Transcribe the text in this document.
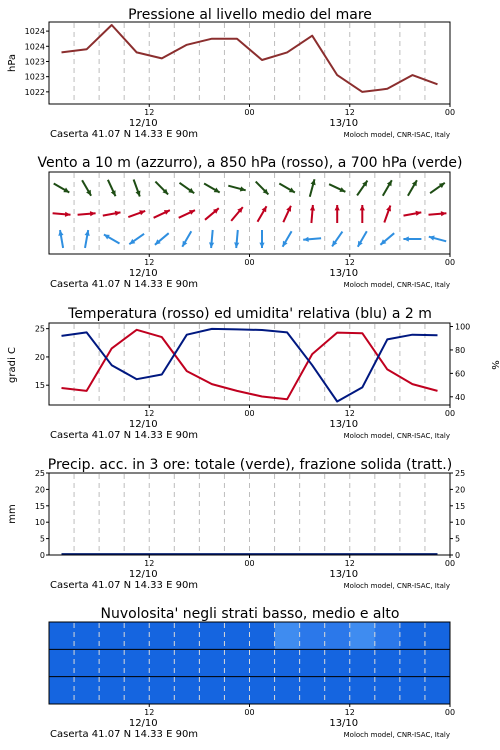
Pressione al livello medio del mare
hPa
1022
1023
1023
1024
1024
12	00	12	00
12/10	13/10
Caserta 41.07 N 14.33 E 90m	Moloch model, CNR-ISAC, Italy
Vento a 10 m (azzurro), a 850 hPa (rosso), a 700 hPa (verde)
12	00	12	00
12/10	13/10
Caserta 41.07 N 14.33 E 90m	Moloch model, CNR-ISAC, Italy
Temperatura (rosso) ed umidita' relativa (blu) a 2 m
gradi C	%
15
20
25
40
60
80
100
12	00	12	00
12/10	13/10
Caserta 41.07 N 14.33 E 90m	Moloch model, CNR-ISAC, Italy
Precip. acc. in 3 ore: totale (verde), frazione solida (tratt.)
mm
0
5
10
15
20
25
0
5
10
15
20
25
12	00	12	00
12/10	13/10
Caserta 41.07 N 14.33 E 90m	Moloch model, CNR-ISAC, Italy
Nuvolosita' negli strati basso, medio e alto
12	00	12	00
12/10	13/10
Caserta 41.07 N 14.33 E 90m	Moloch model, CNR-ISAC, Italy
